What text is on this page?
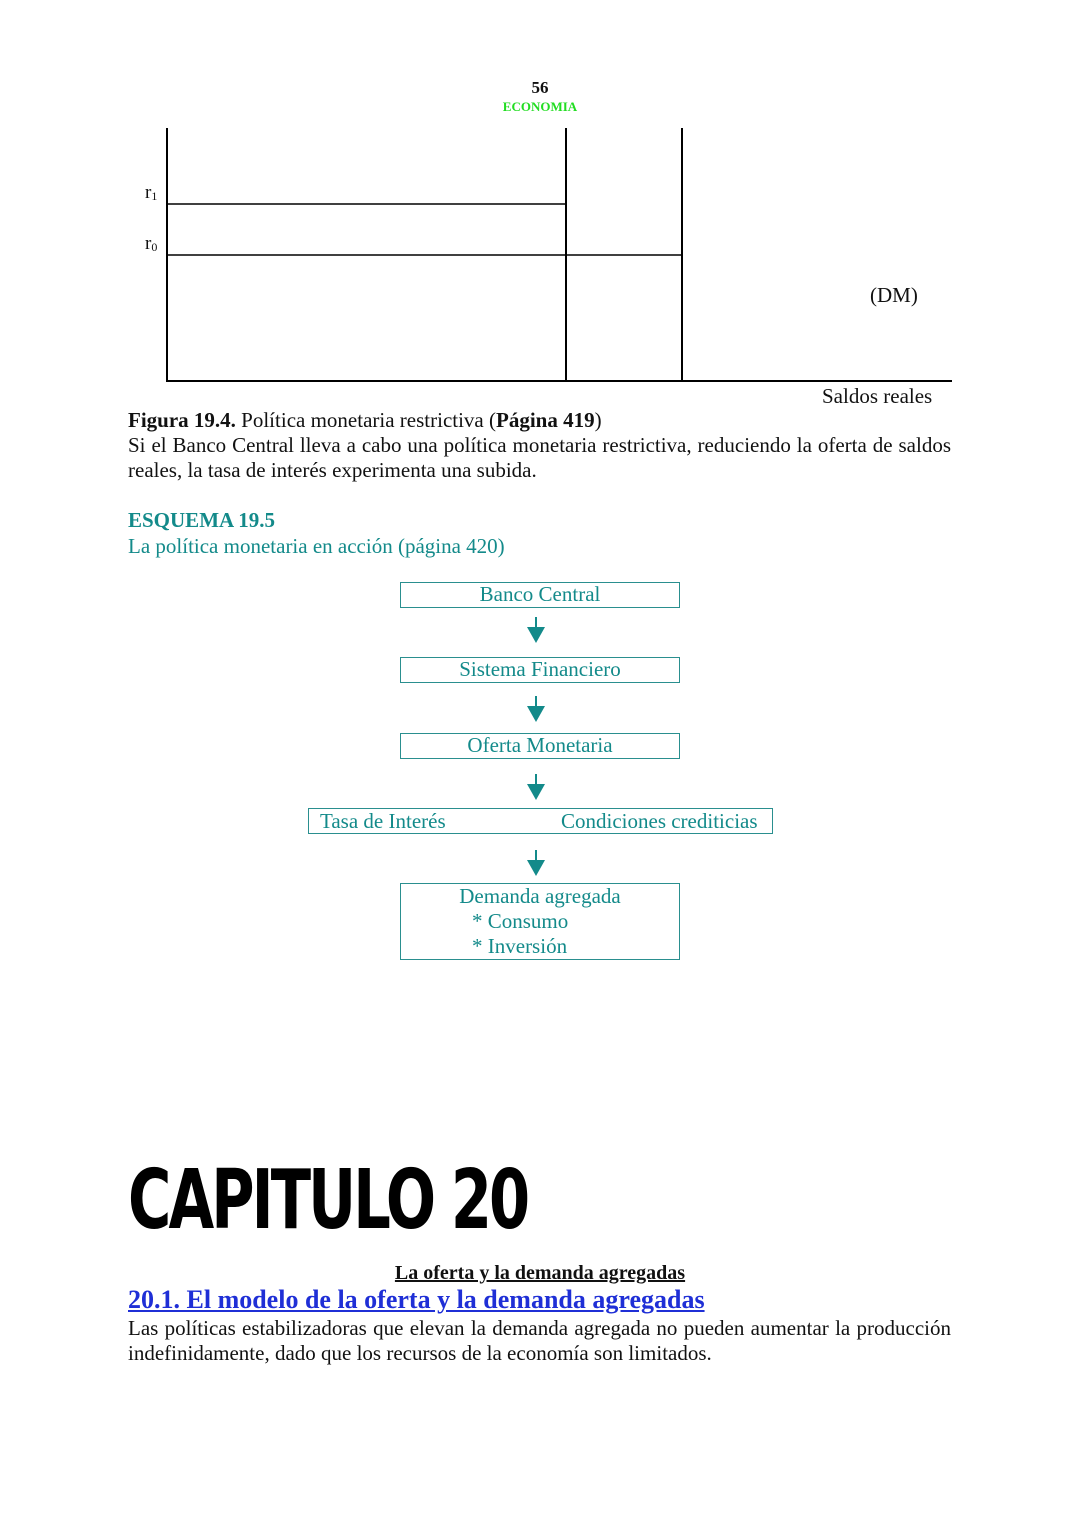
56
ECONOMIA
$r_1$
$r_0$
(DM)
Saldos reales
Figura 19.4. Política monetaria restrictiva (Página 419)
Si el Banco Central lleva a cabo una política monetaria restrictiva, reduciendo la oferta de saldos reales, la tasa de interés experimenta una subida.
ESQUEMA 19.5
La política monetaria en acción (página 420)
Banco Central
Sistema Financiero
Oferta Monetaria
Tasa de Interés	Condiciones crediticias
Demanda agregada
* Consumo
* Inversión
CAPITULO 20
La oferta y la demanda agregadas
20.1. El modelo de la oferta y la demanda agregadas
Las políticas estabilizadoras que elevan la demanda agregada no pueden aumentar la producción indefinidamente, dado que los recursos de la economía son limitados.
